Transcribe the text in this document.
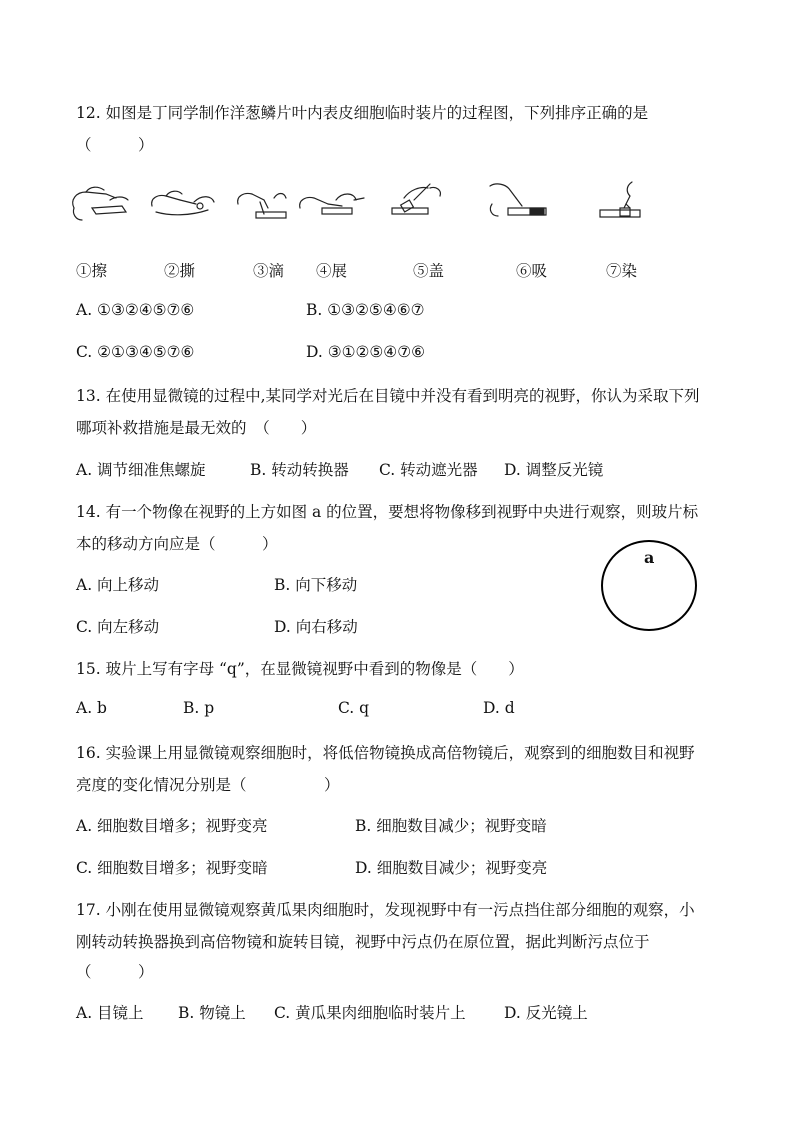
12. 如图是丁同学制作洋葱鳞片叶内表皮细胞临时装片的过程图，下列排序正确的是
（　　　）
①擦	②撕	③滴 ④展	⑤盖	⑥吸	⑦染
A. ①③②④⑤⑦⑥	B. ①③②⑤④⑥⑦
C. ②①③④⑤⑦⑥	D. ③①②⑤④⑦⑥
13. 在使用显微镜的过程中,某同学对光后在目镜中并没有看到明亮的视野，你认为采取下列
哪项补救措施是最无效的　（　　）
A. 调节细准焦螺旋	B. 转动转换器 C. 转动遮光器 D. 调整反光镜
14. 有一个物像在视野的上方如图 a 的位置，要想将物像移到视野中央进行观察，则玻片标
本的移动方向应是（　　　）
a
A. 向上移动	B. 向下移动
C. 向左移动	D. 向右移动
15. 玻片上写有字母 “q”，在显微镜视野中看到的物像是（　　）
A. b	B. p	C. q	D. d
16. 实验课上用显微镜观察细胞时，将低倍物镜换成高倍物镜后，观察到的细胞数目和视野
亮度的变化情况分别是（　　　　　）
A. 细胞数目增多；视野变亮	B. 细胞数目减少；视野变暗
C. 细胞数目增多；视野变暗	D. 细胞数目减少；视野变亮
17. 小刚在使用显微镜观察黄瓜果肉细胞时，发现视野中有一污点挡住部分细胞的观察，小
刚转动转换器换到高倍物镜和旋转目镜，视野中污点仍在原位置，据此判断污点位于
（　　　）
A. 目镜上 B. 物镜上 C. 黄瓜果肉细胞临时装片上 D. 反光镜上
